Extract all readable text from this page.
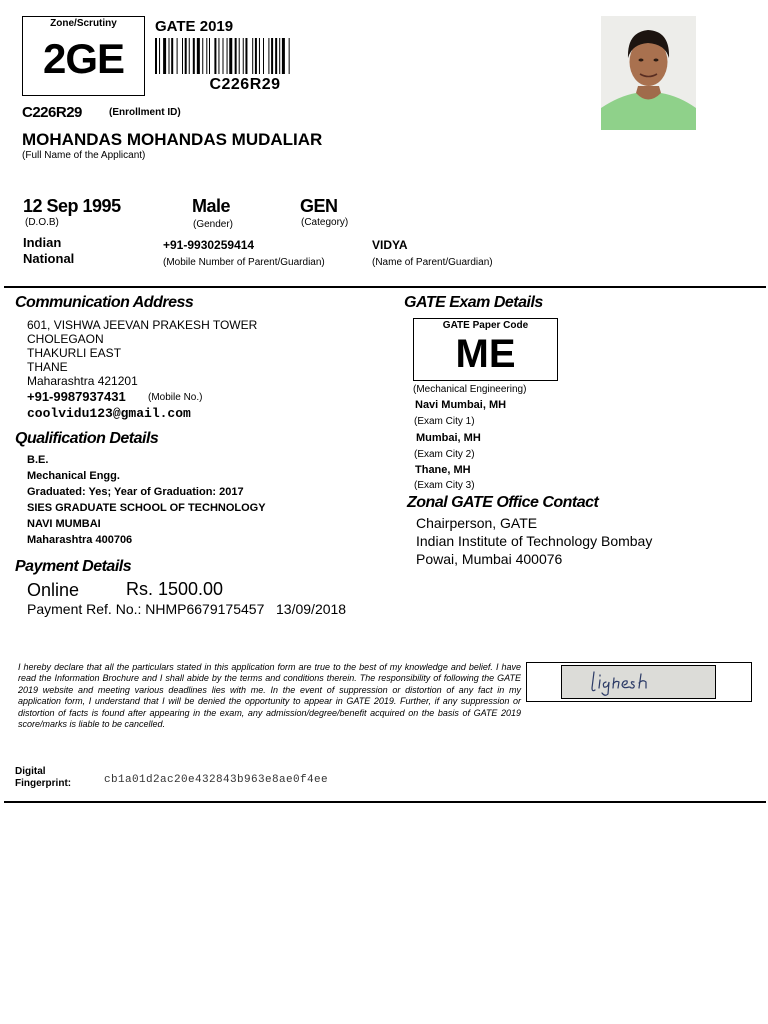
Zone/Scrutiny
2GE
GATE 2019
C226R29
C226R29	(Enrollment ID)
MOHANDAS MOHANDAS MUDALIAR
(Full Name of the Applicant)
12 Sep 1995
(D.O.B)
Male
(Gender)
GEN
(Category)
Indian National
+91-9930259414
(Mobile Number of Parent/Guardian)
VIDYA
(Name of Parent/Guardian)
Communication Address
601, VISHWA JEEVAN PRAKESH TOWER
CHOLEGAON
THAKURLI EAST
THANE
Maharashtra 421201
+91-9987937431 (Mobile No.)
coolvidu123@gmail.com
Qualification Details
B.E.
Mechanical Engg.
Graduated: Yes; Year of Graduation: 2017
SIES GRADUATE SCHOOL OF TECHNOLOGY
NAVI MUMBAI
Maharashtra 400706
Payment Details
Online	Rs. 1500.00
Payment Ref. No.: NHMP6679175457   13/09/2018
GATE Exam Details
GATE Paper Code
ME
(Mechanical Engineering)
Navi Mumbai, MH
(Exam City 1)
Mumbai, MH
(Exam City 2)
Thane, MH
(Exam City 3)
Zonal GATE Office Contact
Chairperson, GATE
Indian Institute of Technology Bombay
Powai, Mumbai 400076
I hereby declare that all the particulars stated in this application form are true to the best of my knowledge and belief. I have read the Information Brochure and I shall abide by the terms and conditions therein. The responsibility of following the GATE 2019 website and meeting various deadlines lies with me. In the event of suppression or distortion of any fact in my application form, I understand that I will be denied the opportunity to appear in GATE 2019. Further, if any suppression or distortion of facts is found after appearing in the exam, any admission/degree/benefit acquired on the basis of GATE 2019 score/marks is liable to be cancelled.
Digital Fingerprint:	cb1a01d2ac20e432843b963e8ae0f4ee
